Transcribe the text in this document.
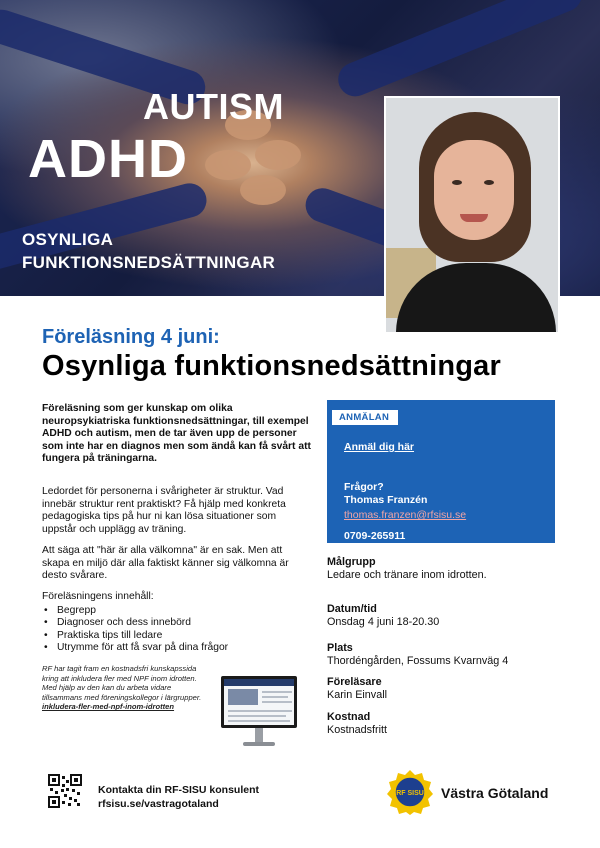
AUTISM
ADHD
OSYNLIGA
FUNKTIONSNEDSÄTTNINGAR
Föreläsning 4 juni:
Osynliga funktionsnedsättningar

Föreläsning som ger kunskap om olika neuropsykiatriska funktionsnedsättningar, till exempel ADHD och autism, men de tar även upp de personer som inte har en diagnos men som ändå kan få svårt att fungera på träningarna.

Ledordet för personerna i svårigheter är struktur. Vad innebär struktur rent praktiskt? Få hjälp med konkreta pedagogiska tips på hur ni kan lösa situationer som uppstår och upplägg av träning.

Att säga att "här är alla välkomna" är en sak. Men att skapa en miljö där alla faktiskt känner sig välkomna är desto svårare.

Föreläsningens innehåll:
• Begrepp
• Diagnoser och dess innebörd
• Praktiska tips till ledare
• Utrymme för att få svar på dina frågor
RF har tagit fram en kostnadsfri kunskapssida kring att inkludera fler med NPF inom idrotten. Med hjälp av den kan du arbeta vidare tillsammans med föreningskollegor i lärgrupper.
inkludera-fler-med-npf-inom-idrotten
ANMÄLAN
Anmäl dig här
Frågor?
Thomas Franzén
thomas.franzen@rfsisu.se
0709-265911
Målgrupp
Ledare och tränare inom idrotten.
Datum/tid
Onsdag 4 juni 18-20.30
Plats
Thordéngården, Fossums Kvarnväg 4
Föreläsare
Karin Einvall
Kostnad
Kostnadsfritt
Kontakta din RF-SISU konsulent
rfsisu.se/vastragotaland
RF SISU Västra Götaland
